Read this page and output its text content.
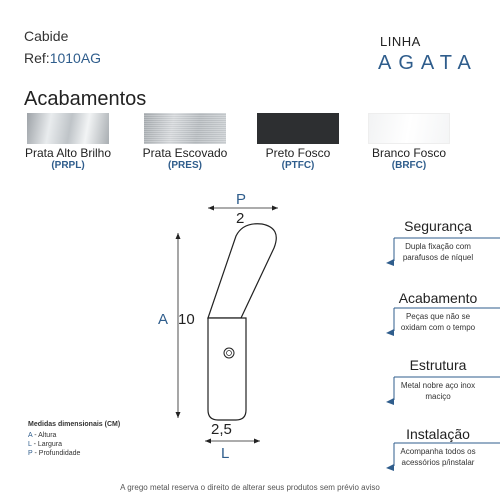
Cabide
Ref:1010AG
LINHA
AGATA
Acabamentos
Prata Alto Brilho
(PRPL)
Prata Escovado
(PRES)
Preto Fosco
(PTFC)
Branco Fosco
(BRFC)
P
2
A 10
2,5
L
Medidas dimensionais (CM)
A - Altura
L - Largura
P - Profundidade
Segurança
Dupla fixação com
parafusos de níquel
Acabamento
Peças que não se
oxidam com o tempo
Estrutura
Metal nobre aço inox
maciço
Instalação
Acompanha todos os
acessórios p/instalar
A grego metal reserva o direito de alterar seus produtos sem prévio aviso
